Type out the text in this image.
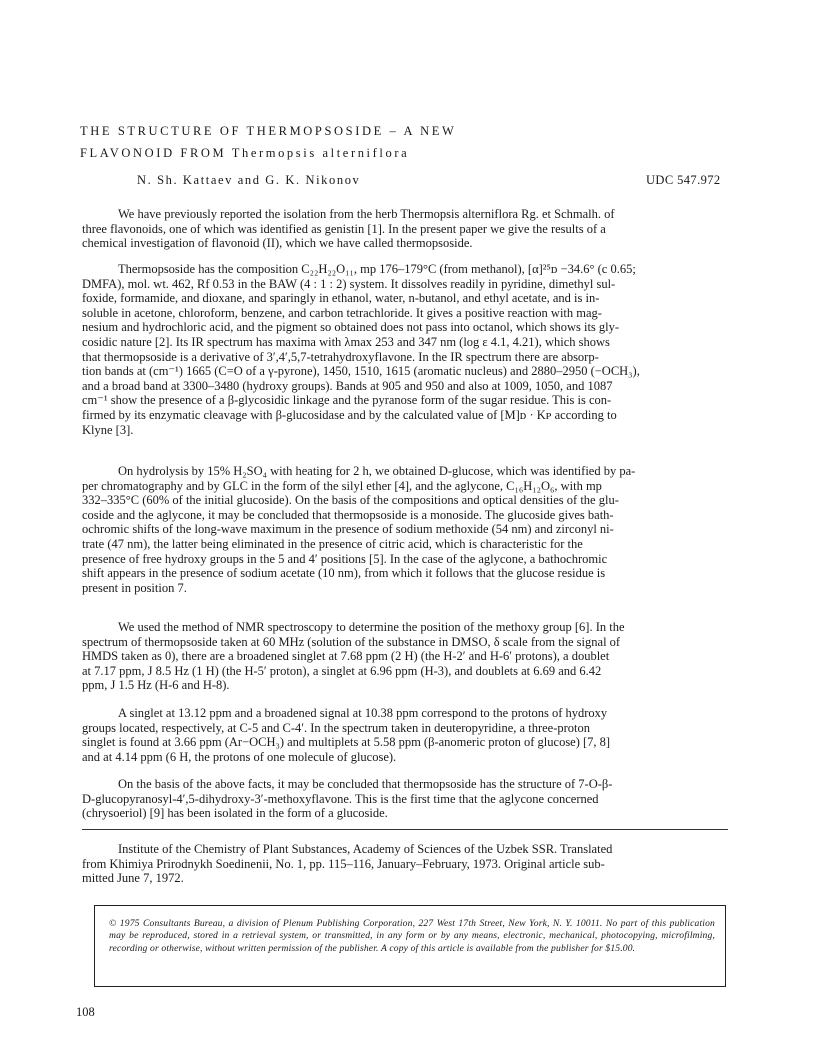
THE STRUCTURE OF THERMOPSOSIDE – A NEW
FLAVONOID FROM Thermopsis alterniflora
N. Sh. Kattaev and G. K. Nikonov	UDC 547.972
We have previously reported the isolation from the herb Thermopsis alterniflora Rg. et Schmalh. of
three flavonoids, one of which was identified as genistin [1]. In the present paper we give the results of a
chemical investigation of flavonoid (II), which we have called thermopsoside.
Thermopsoside has the composition C₂₂H₂₂O₁₁, mp 176–179°C (from methanol), [α]²⁵ᴅ −34.6° (c 0.65;
DMFA), mol. wt. 462, Rf 0.53 in the BAW (4 : 1 : 2) system. It dissolves readily in pyridine, dimethyl sul-
foxide, formamide, and dioxane, and sparingly in ethanol, water, n-butanol, and ethyl acetate, and is in-
soluble in acetone, chloroform, benzene, and carbon tetrachloride. It gives a positive reaction with mag-
nesium and hydrochloric acid, and the pigment so obtained does not pass into octanol, which shows its gly-
cosidic nature [2]. Its IR spectrum has maxima with λmax 253 and 347 nm (log ε 4.1, 4.21), which shows
that thermopsoside is a derivative of 3′,4′,5,7-tetrahydroxyflavone. In the IR spectrum there are absorp-
tion bands at (cm⁻¹) 1665 (C=O of a γ-pyrone), 1450, 1510, 1615 (aromatic nucleus) and 2880–2950 (−OCH₃),
and a broad band at 3300–3480 (hydroxy groups). Bands at 905 and 950 and also at 1009, 1050, and 1087
cm⁻¹ show the presence of a β-glycosidic linkage and the pyranose form of the sugar residue. This is con-
firmed by its enzymatic cleavage with β-glucosidase and by the calculated value of [M]ᴅ · Kᴘ according to
Klyne [3].
On hydrolysis by 15% H₂SO₄ with heating for 2 h, we obtained D-glucose, which was identified by pa-
per chromatography and by GLC in the form of the silyl ether [4], and the aglycone, C₁₆H₁₂O₆, with mp
332–335°C (60% of the initial glucoside). On the basis of the compositions and optical densities of the glu-
coside and the aglycone, it may be concluded that thermopsoside is a monoside. The glucoside gives bath-
ochromic shifts of the long-wave maximum in the presence of sodium methoxide (54 nm) and zirconyl ni-
trate (47 nm), the latter being eliminated in the presence of citric acid, which is characteristic for the
presence of free hydroxy groups in the 5 and 4′ positions [5]. In the case of the aglycone, a bathochromic
shift appears in the presence of sodium acetate (10 nm), from which it follows that the glucose residue is
present in position 7.
We used the method of NMR spectroscopy to determine the position of the methoxy group [6]. In the
spectrum of thermopsoside taken at 60 MHz (solution of the substance in DMSO, δ scale from the signal of
HMDS taken as 0), there are a broadened singlet at 7.68 ppm (2 H) (the H-2′ and H-6′ protons), a doublet
at 7.17 ppm, J 8.5 Hz (1 H) (the H-5′ proton), a singlet at 6.96 ppm (H-3), and doublets at 6.69 and 6.42
ppm, J 1.5 Hz (H-6 and H-8).
A singlet at 13.12 ppm and a broadened signal at 10.38 ppm correspond to the protons of hydroxy
groups located, respectively, at C-5 and C-4′. In the spectrum taken in deuteropyridine, a three-proton
singlet is found at 3.66 ppm (Ar−OCH₃) and multiplets at 5.58 ppm (β-anomeric proton of glucose) [7, 8]
and at 4.14 ppm (6 H, the protons of one molecule of glucose).
On the basis of the above facts, it may be concluded that thermopsoside has the structure of 7-O-β-
D-glucopyranosyl-4′,5-dihydroxy-3′-methoxyflavone. This is the first time that the aglycone concerned
(chrysoeriol) [9] has been isolated in the form of a glucoside.
Institute of the Chemistry of Plant Substances, Academy of Sciences of the Uzbek SSR. Translated
from Khimiya Prirodnykh Soedinenii, No. 1, pp. 115–116, January–February, 1973. Original article sub-
mitted June 7, 1972.

© 1975 Consultants Bureau, a division of Plenum Publishing Corporation, 227 West 17th Street, New York, N. Y. 10011. No part of this publication may be reproduced, stored in a retrieval system, or transmitted, in any form or by any means, electronic, mechanical, photocopying, microfilming, recording or otherwise, without written permission of the publisher. A copy of this article is available from the publisher for $15.00.

108
